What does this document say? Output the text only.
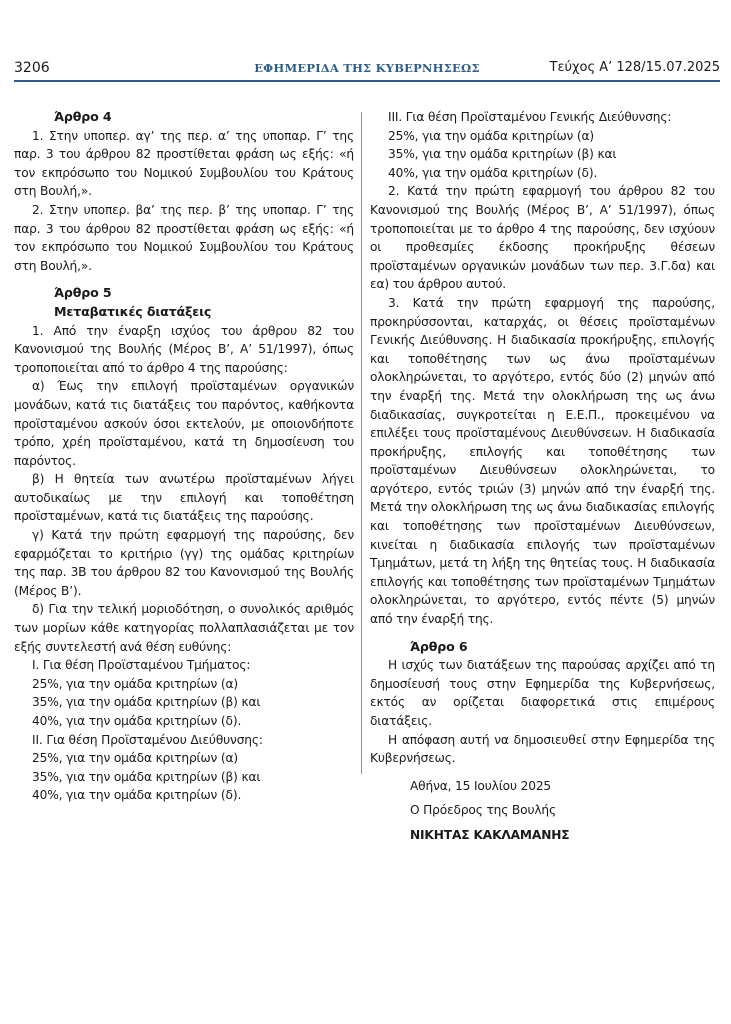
3206	ΕΦΗΜΕΡΙΔΑ ΤΗΣ ΚΥΒΕΡΝΗΣΕΩΣ	Τεύχος Α’ 128/15.07.2025

Άρθρο 4

1. Στην υποπερ. αγ’ της περ. α’ της υποπαρ. Γ’ της παρ. 3 του άρθρου 82 προστίθεται φράση ως εξής: «ή τον εκπρόσωπο του Νομικού Συμβουλίου του Κράτους στη Βουλή,».

2. Στην υποπερ. βα’ της περ. β’ της υποπαρ. Γ’ της παρ. 3 του άρθρου 82 προστίθεται φράση ως εξής: «ή τον εκπρόσωπο του Νομικού Συμβουλίου του Κράτους στη Βουλή,».

Άρθρο 5

Μεταβατικές διατάξεις

1. Από την έναρξη ισχύος του άρθρου 82 του Κανονισμού της Βουλής (Μέρος Β’, Α’ 51/1997), όπως τροποποιείται από το άρθρο 4 της παρούσης:

α) Έως την επιλογή προϊσταμένων οργανικών μονάδων, κατά τις διατάξεις του παρόντος, καθήκοντα προϊσταμένου ασκούν όσοι εκτελούν, με οποιονδήποτε τρόπο, χρέη προϊσταμένου, κατά τη δημοσίευση του παρόντος.

β) Η θητεία των ανωτέρω προϊσταμένων λήγει αυτοδικαίως με την επιλογή και τοποθέτηση προϊσταμένων, κατά τις διατάξεις της παρούσης.

γ) Κατά την πρώτη εφαρμογή της παρούσης, δεν εφαρμόζεται το κριτήριο (γγ) της ομάδας κριτηρίων της παρ. 3Β του άρθρου 82 του Κανονισμού της Βουλής (Μέρος Β’).

δ) Για την τελική μοριοδότηση, ο συνολικός αριθμός των μορίων κάθε κατηγορίας πολλαπλασιάζεται με τον εξής συντελεστή ανά θέση ευθύνης:

Ι. Για θέση Προϊσταμένου Τμήματος:

25%, για την ομάδα κριτηρίων (α)

35%, για την ομάδα κριτηρίων (β) και

40%, για την ομάδα κριτηρίων (δ).

ΙΙ. Για θέση Προϊσταμένου Διεύθυνσης:

25%, για την ομάδα κριτηρίων (α)

35%, για την ομάδα κριτηρίων (β) και

40%, για την ομάδα κριτηρίων (δ).

ΙΙΙ. Για θέση Προϊσταμένου Γενικής Διεύθυνσης:

25%, για την ομάδα κριτηρίων (α)

35%, για την ομάδα κριτηρίων (β) και

40%, για την ομάδα κριτηρίων (δ).

2. Κατά την πρώτη εφαρμογή του άρθρου 82 του Κανονισμού της Βουλής (Μέρος Β’, Α’ 51/1997), όπως τροποποιείται με το άρθρο 4 της παρούσης, δεν ισχύουν οι προθεσμίες έκδοσης προκήρυξης θέσεων προϊσταμένων οργανικών μονάδων των περ. 3.Γ.δα) και εα) του άρθρου αυτού.

3. Κατά την πρώτη εφαρμογή της παρούσης, προκηρύσσονται, καταρχάς, οι θέσεις προϊσταμένων Γενικής Διεύθυνσης. Η διαδικασία προκήρυξης, επιλογής και τοποθέτησης των ως άνω προϊσταμένων ολοκληρώνεται, το αργότερο, εντός δύο (2) μηνών από την έναρξή της. Μετά την ολοκλήρωση της ως άνω διαδικασίας, συγκροτείται η Ε.Ε.Π., προκειμένου να επιλέξει τους προϊσταμένους Διευθύνσεων. Η διαδικασία προκήρυξης, επιλογής και τοποθέτησης των προϊσταμένων Διευθύνσεων ολοκληρώνεται, το αργότερο, εντός τριών (3) μηνών από την έναρξή της. Μετά την ολοκλήρωση της ως άνω διαδικασίας επιλογής και τοποθέτησης των προϊσταμένων Διευθύνσεων, κινείται η διαδικασία επιλογής των προϊσταμένων Τμημάτων, μετά τη λήξη της θητείας τους. Η διαδικασία επιλογής και τοποθέτησης των προϊσταμένων Τμημάτων ολοκληρώνεται, το αργότερο, εντός πέντε (5) μηνών από την έναρξή της.

Άρθρο 6

Η ισχύς των διατάξεων της παρούσας αρχίζει από τη δημοσίευσή τους στην Εφημερίδα της Κυβερνήσεως, εκτός αν ορίζεται διαφορετικά στις επιμέρους διατάξεις.

Η απόφαση αυτή να δημοσιευθεί στην Εφημερίδα της Κυβερνήσεως.

Αθήνα, 15 Ιουλίου 2025

Ο Πρόεδρος της Βουλής

ΝΙΚΗΤΑΣ ΚΑΚΛΑΜΑΝΗΣ
